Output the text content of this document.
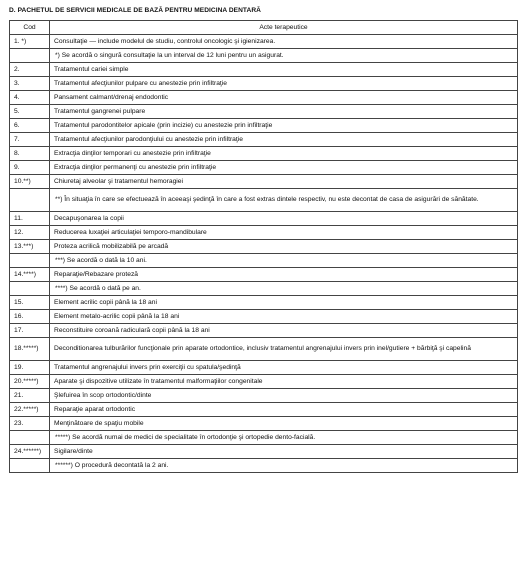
D. PACHETUL DE SERVICII MEDICALE DE BAZĂ PENTRU MEDICINA DENTARĂ
Cod	Acte terapeutice
1. *)	Consultaţie — include modelul de studiu, controlul oncologic şi igienizarea.
	*) Se acordă o singură consultaţie la un interval de 12 luni pentru un asigurat.
2.	Tratamentul cariei simple
3.	Tratamentul afecţiunilor pulpare cu anestezie prin infiltraţie
4.	Pansament calmant/drenaj endodontic
5.	Tratamentul gangrenei pulpare
6.	Tratamentul parodontitelor apicale (prin incizie) cu anestezie prin infiltraţie
7.	Tratamentul afecţiunilor parodonţiului cu anestezie prin infiltraţie
8.	Extracţia dinţilor temporari cu anestezie prin infiltraţie
9.	Extracţia dinţilor permanenţi cu anestezie prin infiltraţie
10.**)	Chiuretaj alveolar şi tratamentul hemoragiei
	**) În situaţia în care se efectuează în aceeaşi şedinţă în care a fost extras dintele respectiv, nu este decontat de casa de asigurări de sănătate.
11.	Decapuşonarea la copii
12.	Reducerea luxaţiei articulaţiei temporo-mandibulare
13.***)	Proteza acrilică mobilizabilă pe arcadă
	***) Se acordă o dată la 10 ani.
14.****)	Reparaţie/Rebazare proteză
	****) Se acordă o dată pe an.
15.	Element acrilic copii până la 18 ani
16.	Element metalo-acrilic copii până la 18 ani
17.	Reconstituire coroană radiculară copii până la 18 ani
18.*****)	Deconditionarea tulburărilor funcţionale prin aparate ortodontice, inclusiv tratamentul angrenajului invers prin inel/gutiere + bărbiţă şi capelină
19.	Tratamentul angrenajului invers prin exerciţii cu spatula/şedinţă
20.*****)	Aparate şi dispozitive utilizate în tratamentul malformaţiilor congenitale
21.	Şlefuirea în scop ortodontic/dinte
22.*****)	Reparaţie aparat ortodontic
23.	Menţinătoare de spaţiu mobile
	*****) Se acordă numai de medici de specialitate în ortodonţie şi ortopedie dento-facială.
24.******)	Sigilare/dinte
	******) O procedură decontată la 2 ani.
